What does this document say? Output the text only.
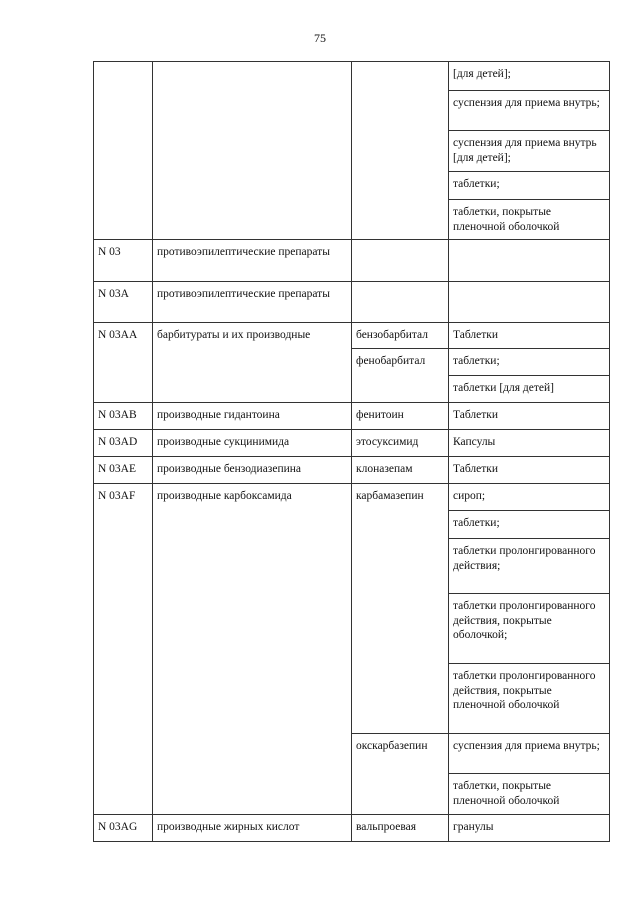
75
			[для детей];
			суспензия для приема внутрь;
			суспензия для приема внутрь [для детей];
			таблетки;
			таблетки, покрытые пленочной оболочкой
N 03	противоэпилептические препараты		
N 03A	противоэпилептические препараты		
N 03AA	барбитураты и их производные	бензобарбитал	Таблетки
		фенобарбитал	таблетки;
			таблетки [для детей]
N 03AB	производные гидантоина	фенитоин	Таблетки
N 03AD	производные сукцинимида	этосуксимид	Капсулы
N 03AE	производные бензодиазепина	клоназепам	Таблетки
N 03AF	производные карбоксамида	карбамазепин	сироп;
			таблетки;
			таблетки пролонгированного действия;
			таблетки пролонгированного действия, покрытые оболочкой;
			таблетки пролонгированного действия, покрытые пленочной оболочкой
		окскарбазепин	суспензия для приема внутрь;
			таблетки, покрытые пленочной оболочкой
N 03AG	производные жирных кислот	вальпроевая	гранулы
